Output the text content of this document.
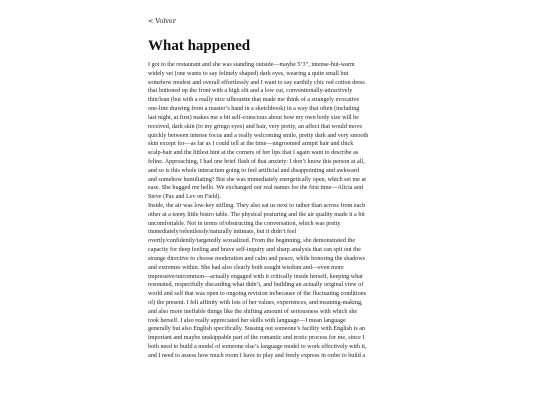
< Volver
What happened
I got to the restaurant and she was standing outside—maybe 5’3”, intense-but-warm
widely set (one wants to say felinely shaped) dark eyes, wearing a quite small but
somehow modest and overall effortlessly and I want to say earthily chic red cotton dress
that buttoned up the front with a high slit and a low cut, conventionally-attractively
thin/lean (but with a really nice silhouette that made me think of a strangely evocative
one-line drawing from a master’s hand in a sketchbook) in a way that often (including
last night, at first) makes me a bit self-conscious about how my own body size will be
received, dark skin (to my gringo eyes) and hair, very pretty, an affect that would move
quickly between intense focus and a really welcoming smile, pretty dark and very smooth
skin except for—as far as I could tell at the time—ungroomed armpit hair and thick
scalp-hair and the littlest hint at the corners of her lips that I again want to describe as
feline. Approaching, I had one brief flash of that anxiety: I don’t know this person at all,
and so is this whole interaction going to feel artificial and disappointing and awkward
and somehow humiliating? But she was immediately energetically open, which set me at
ease. She hugged me hello. We exchanged our real names for the first time—Alicia and
Steve (Paz and Lev on Field).
Inside, the air was low-key stifling. They also sat us next to rather than across from each
other at a teeny little bistro table. The physical posturing and the air quality made it a bit
uncomfortable. Not in terms of/obstructing the conversation, which was pretty
immediately/relentlessly/naturally intimate, but it didn’t feel
overtly/confidently/targetedly sexualized. From the beginning, she demonstrated the
capacity for deep feeling and brave self-inquiry and sharp analysis that can spit out the
strange directive to choose moderation and calm and peace, while honoring the shadows
and extremes within. She had also clearly both sought wisdom and—even more
impressive/uncommon—actually engaged with it critically inside herself, keeping what
resonated, respectfully discarding what didn’t, and building an actually original view of
world and self that was open to ongoing revision in/because of the fluctuating conditions
of) the present. I felt affinity with lots of her values, experiences, and meaning-making,
and also more ineffable things like the shifting amount of seriousness with which she
took herself. I also really appreciated her skills with language—I mean language
generally but also English specifically. Sussing out someone’s facility with English is an
important and maybe unskippable part of the romantic and erotic process for me, since I
both need to build a model of someone else’s language model to work effectively with it,
and I need to assess how much room I have to play and freely express in order to build a
